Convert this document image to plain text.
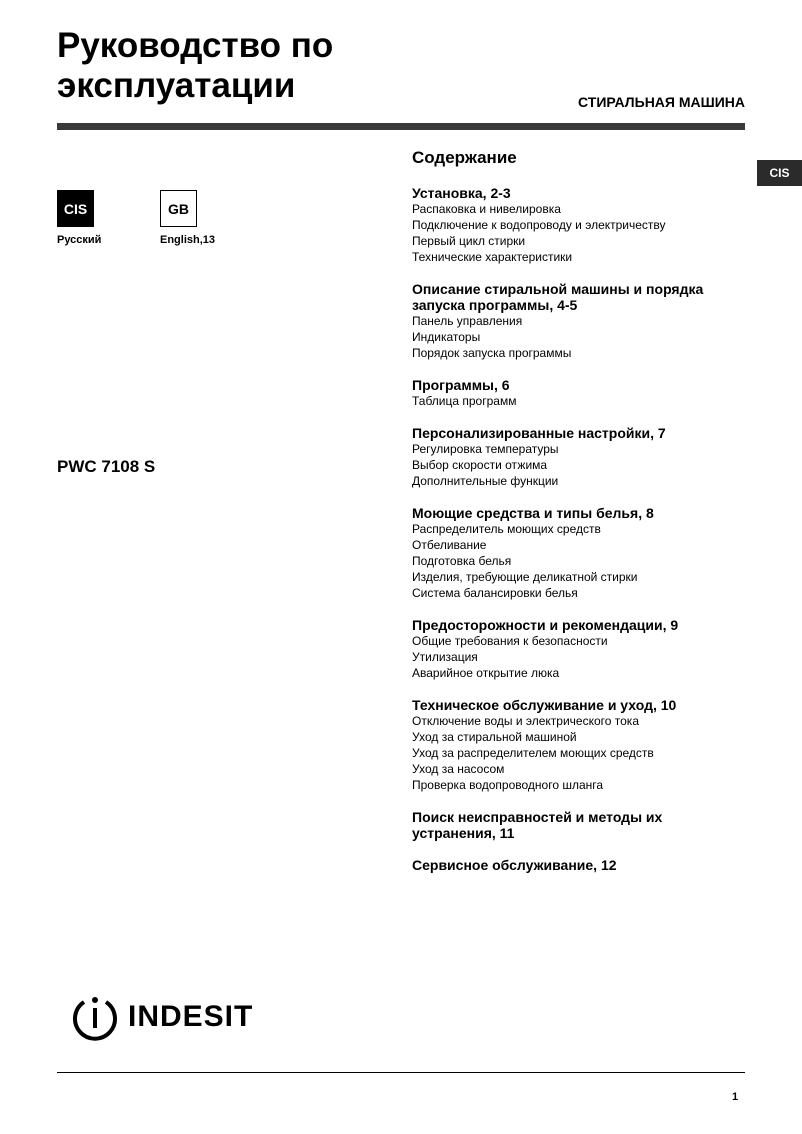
Руководство по
эксплуатации	СТИРАЛЬНАЯ МАШИНА
CIS
CIS
Русский
GB
English,13
PWC 7108 S
Содержание
Установка, 2-3
Распаковка и нивелировка
Подключение к водопроводу и электричеству
Первый цикл стирки
Технические характеристики
Описание стиральной машины и порядка запуска программы, 4-5
Панель управления
Индикаторы
Порядок запуска программы
Программы, 6
Таблица программ
Персонализированные настройки, 7
Регулировка температуры
Выбор скорости отжима
Дополнительные функции
Моющие средства и типы белья, 8
Распределитель моющих средств
Отбеливание
Подготовка белья
Изделия, требующие деликатной стирки
Система балансировки белья
Предосторожности и рекомендации, 9
Общие требования к безопасности
Утилизация
Аварийное открытие люка
Техническое обслуживание и уход, 10
Отключение воды и электрического тока
Уход за стиральной машиной
Уход за распределителем моющих средств
Уход за насосом
Проверка водопроводного шланга
Поиск неисправностей и методы их устранения, 11
Сервисное обслуживание, 12
INDESIT
1
